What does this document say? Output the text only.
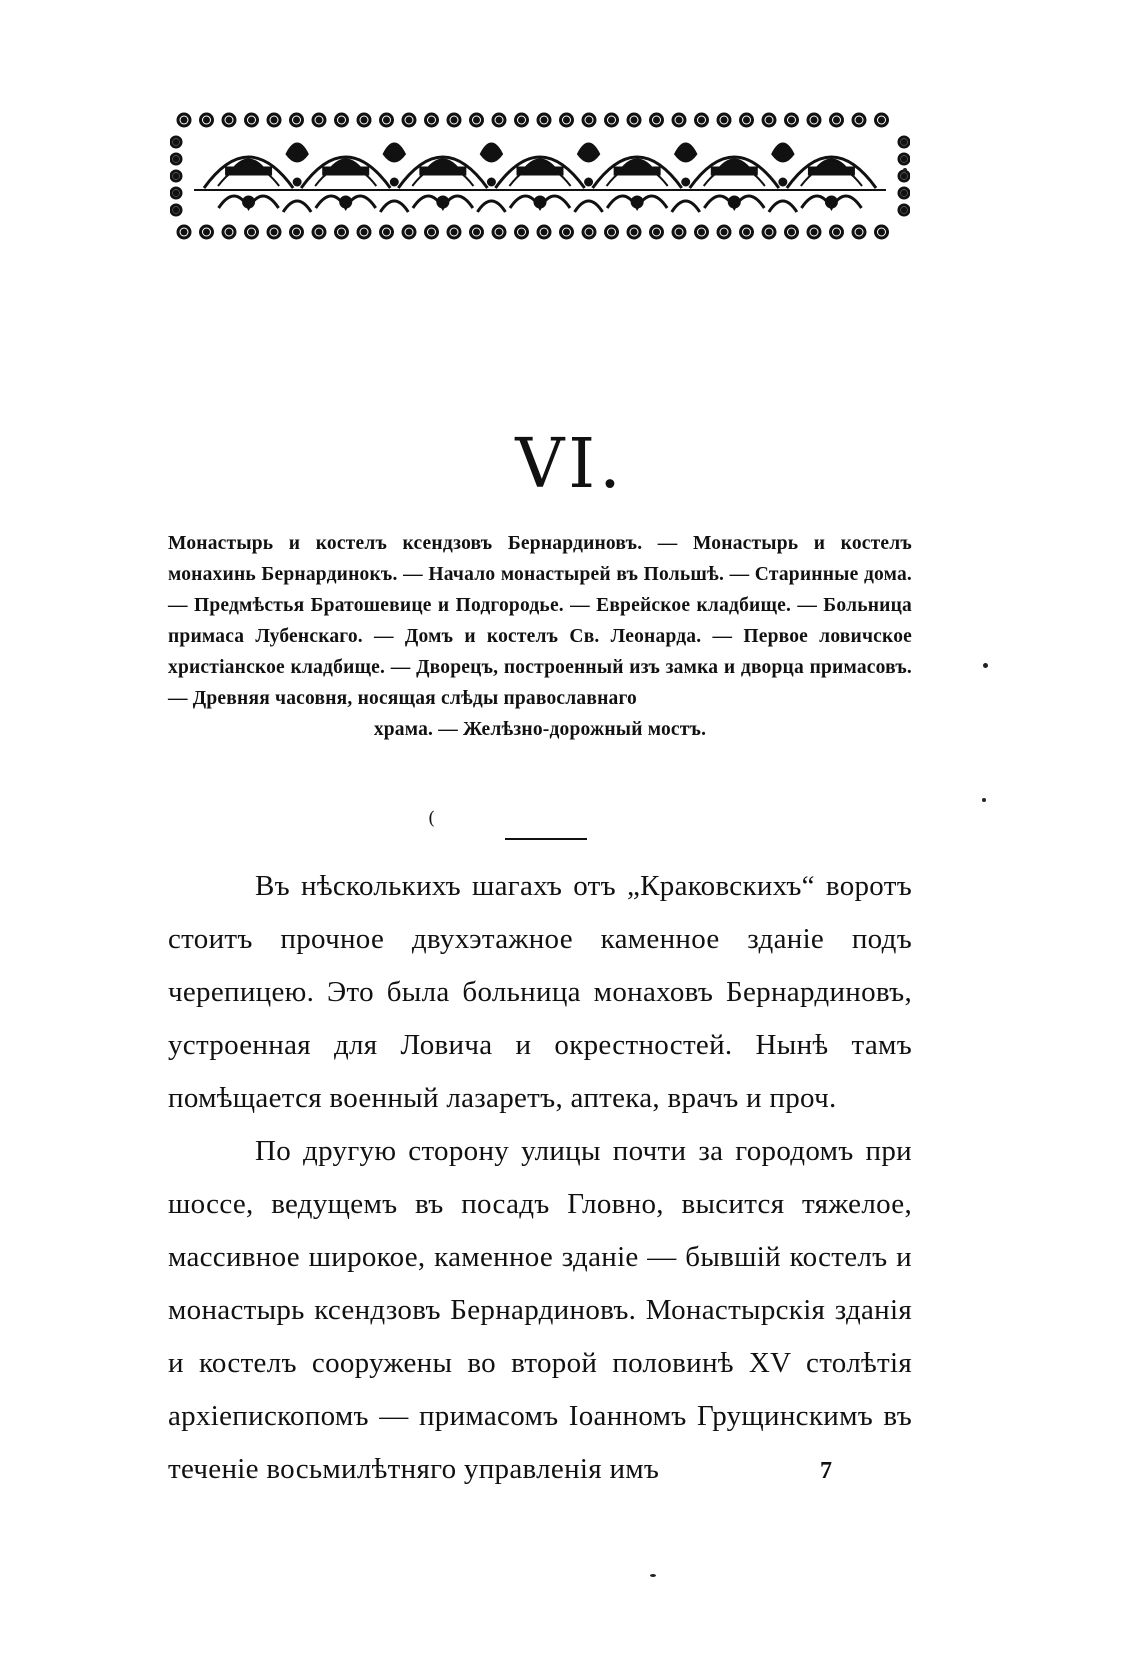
VI.
Монастырь и костелъ ксендзовъ Бернардиновъ. — Монастырь и костелъ монахинь Бернардинокъ. — Начало монастырей въ Польшѣ. — Старинные дома. — Предмѣстья Братошевице и Подгородье. — Еврейское кладбище. — Больница примаса Лубенскаго. — Домъ и костелъ Св. Леонарда. — Первое ловичское христіанское кладбище. — Дворецъ, построенный изъ замка и дворца примасовъ. — Древняя часовня, носящая слѣды православнаго
храма. — Желѣзно-дорожный мостъ.
(

Въ нѣсколькихъ шагахъ отъ „Краковскихъ“ воротъ стоитъ прочное двухэтажное каменное зданіе подъ черепицею. Это была больница монаховъ Бернардиновъ, устроенная для Ловича и окрестностей. Нынѣ тамъ помѣщается военный лазаретъ, аптека, врачъ и проч.

По другую сторону улицы почти за городомъ при шоссе, ведущемъ въ посадъ Гловно, высится тяжелое, массивное широкое, каменное зданіе — бывшій костелъ и монастырь ксендзовъ Бернардиновъ. Монастырскія зданія и костелъ сооружены во второй половинѣ XV столѣтія архіепископомъ — примасомъ Іоанномъ Грущинскимъ въ теченіе восьмилѣтняго управленія имъ	7
